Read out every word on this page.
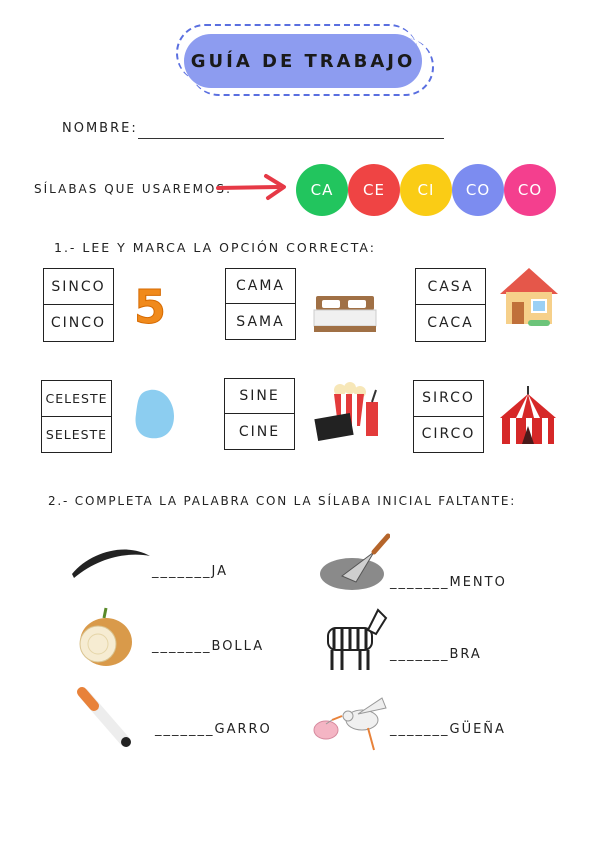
GUÍA DE TRABAJO
NOMBRE:
SÍLABAS QUE USAREMOS:	CA CE CI CO CO
1.- LEE Y MARCA LA OPCIÓN CORRECTA:
SINCO
CINCO 5	CAMA
SAMA
CASA
CACA
CELESTE
SELESTE
SINE
CINE
SIRCO
CIRCO
2.- COMPLETA LA PALABRA CON LA SÍLABA INICIAL FALTANTE:
_______JA
_______MENTO
_______BOLLA
_______BRA
_______GARRO	_______GÜEÑA
